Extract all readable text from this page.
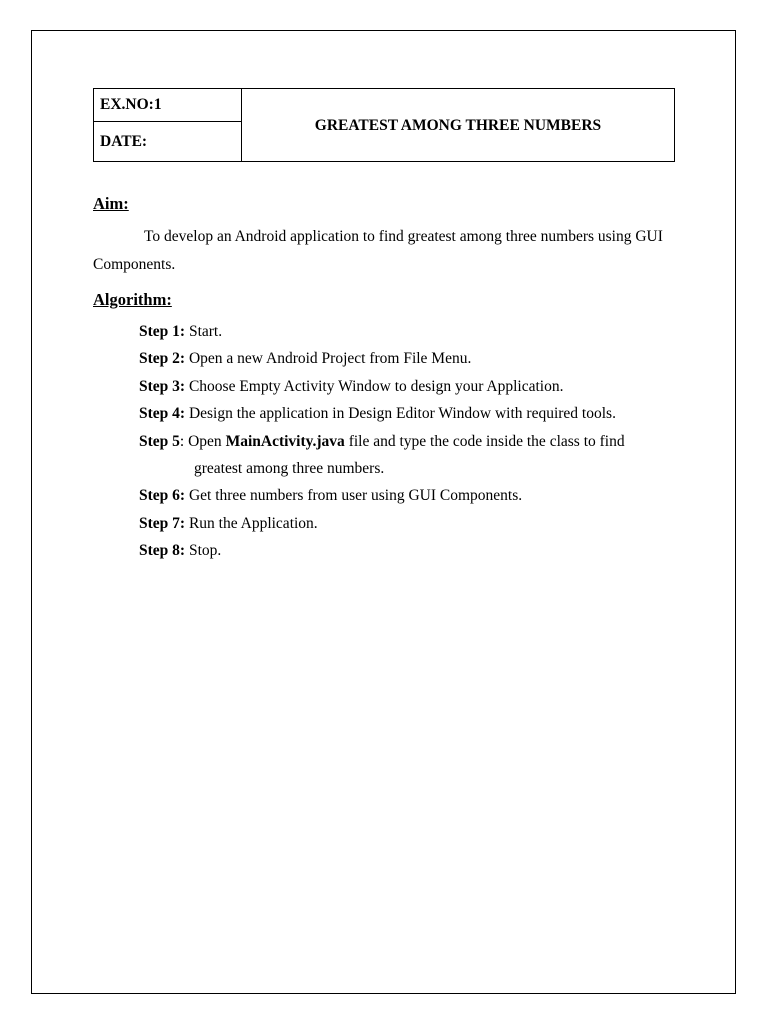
EX.NO:1	GREATEST AMONG THREE NUMBERS
DATE:
Aim:

To develop an Android application to find greatest among three numbers using GUI Components.

Algorithm:
Step 1: Start.
Step 2: Open a new Android Project from File Menu.
Step 3: Choose Empty Activity Window to design your Application.
Step 4: Design the application in Design Editor Window with required tools.
Step 5: Open MainActivity.java file and type the code inside the class to find
greatest among three numbers.
Step 6: Get three numbers from user using GUI Components.
Step 7: Run the Application.
Step 8: Stop.
